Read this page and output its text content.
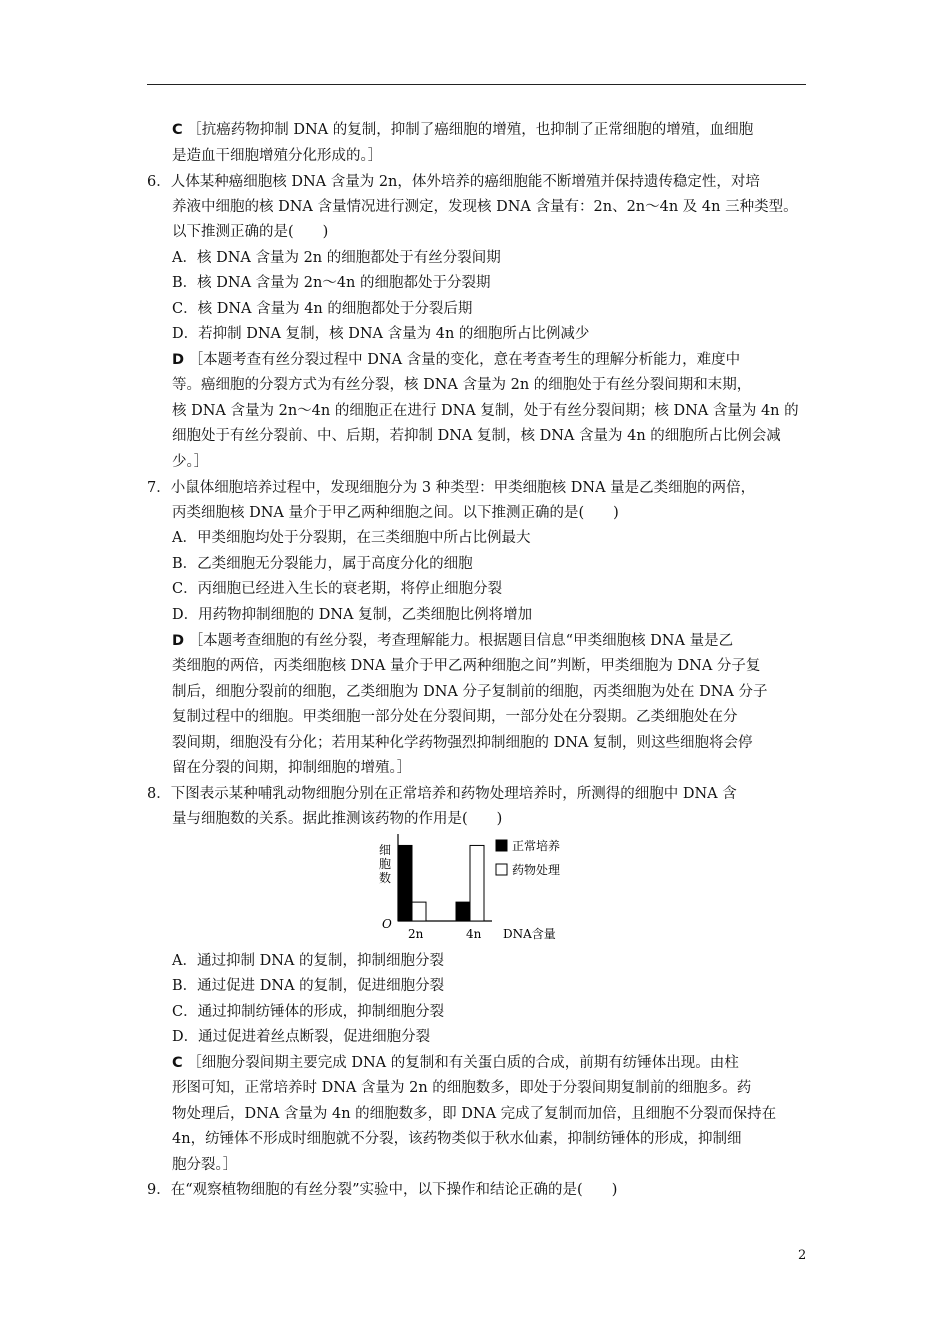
C ［抗癌药物抑制 DNA 的复制，抑制了癌细胞的增殖，也抑制了正常细胞的增殖，血细胞
是造血干细胞增殖分化形成的。］
6．人体某种癌细胞核 DNA 含量为 2n，体外培养的癌细胞能不断增殖并保持遗传稳定性，对培
养液中细胞的核 DNA 含量情况进行测定，发现核 DNA 含量有：2n、2n～4n 及 4n 三种类型。
以下推测正确的是(　　)
A．核 DNA 含量为 2n 的细胞都处于有丝分裂间期
B．核 DNA 含量为 2n～4n 的细胞都处于分裂期
C．核 DNA 含量为 4n 的细胞都处于分裂后期
D．若抑制 DNA 复制，核 DNA 含量为 4n 的细胞所占比例减少
D ［本题考查有丝分裂过程中 DNA 含量的变化，意在考查考生的理解分析能力，难度中
等。癌细胞的分裂方式为有丝分裂，核 DNA 含量为 2n 的细胞处于有丝分裂间期和末期，
核 DNA 含量为 2n～4n 的细胞正在进行 DNA 复制，处于有丝分裂间期；核 DNA 含量为 4n 的
细胞处于有丝分裂前、中、后期，若抑制 DNA 复制，核 DNA 含量为 4n 的细胞所占比例会减
少。］
7．小鼠体细胞培养过程中，发现细胞分为 3 种类型：甲类细胞核 DNA 量是乙类细胞的两倍，
丙类细胞核 DNA 量介于甲乙两种细胞之间。以下推测正确的是(　　)
A．甲类细胞均处于分裂期，在三类细胞中所占比例最大
B．乙类细胞无分裂能力，属于高度分化的细胞
C．丙细胞已经进入生长的衰老期，将停止细胞分裂
D．用药物抑制细胞的 DNA 复制，乙类细胞比例将增加
D ［本题考查细胞的有丝分裂，考查理解能力。根据题目信息“甲类细胞核 DNA 量是乙
类细胞的两倍，丙类细胞核 DNA 量介于甲乙两种细胞之间”判断，甲类细胞为 DNA 分子复
制后，细胞分裂前的细胞，乙类细胞为 DNA 分子复制前的细胞，丙类细胞为处在 DNA 分子
复制过程中的细胞。甲类细胞一部分处在分裂间期，一部分处在分裂期。乙类细胞处在分
裂间期，细胞没有分化；若用某种化学药物强烈抑制细胞的 DNA 复制，则这些细胞将会停
留在分裂的间期，抑制细胞的增殖。］
8．下图表示某种哺乳动物细胞分别在正常培养和药物处理培养时，所测得的细胞中 DNA 含
量与细胞数的关系。据此推测该药物的作用是(　　)
细
胞
数
O
2n	4n DNA含量
正常培养
药物处理
A．通过抑制 DNA 的复制，抑制细胞分裂
B．通过促进 DNA 的复制，促进细胞分裂
C．通过抑制纺锤体的形成，抑制细胞分裂
D．通过促进着丝点断裂，促进细胞分裂
C ［细胞分裂间期主要完成 DNA 的复制和有关蛋白质的合成，前期有纺锤体出现。由柱
形图可知，正常培养时 DNA 含量为 2n 的细胞数多，即处于分裂间期复制前的细胞多。药
物处理后，DNA 含量为 4n 的细胞数多，即 DNA 完成了复制而加倍，且细胞不分裂而保持在
4n，纺锤体不形成时细胞就不分裂，该药物类似于秋水仙素，抑制纺锤体的形成，抑制细
胞分裂。］
9．在“观察植物细胞的有丝分裂”实验中，以下操作和结论正确的是(　　)
2
